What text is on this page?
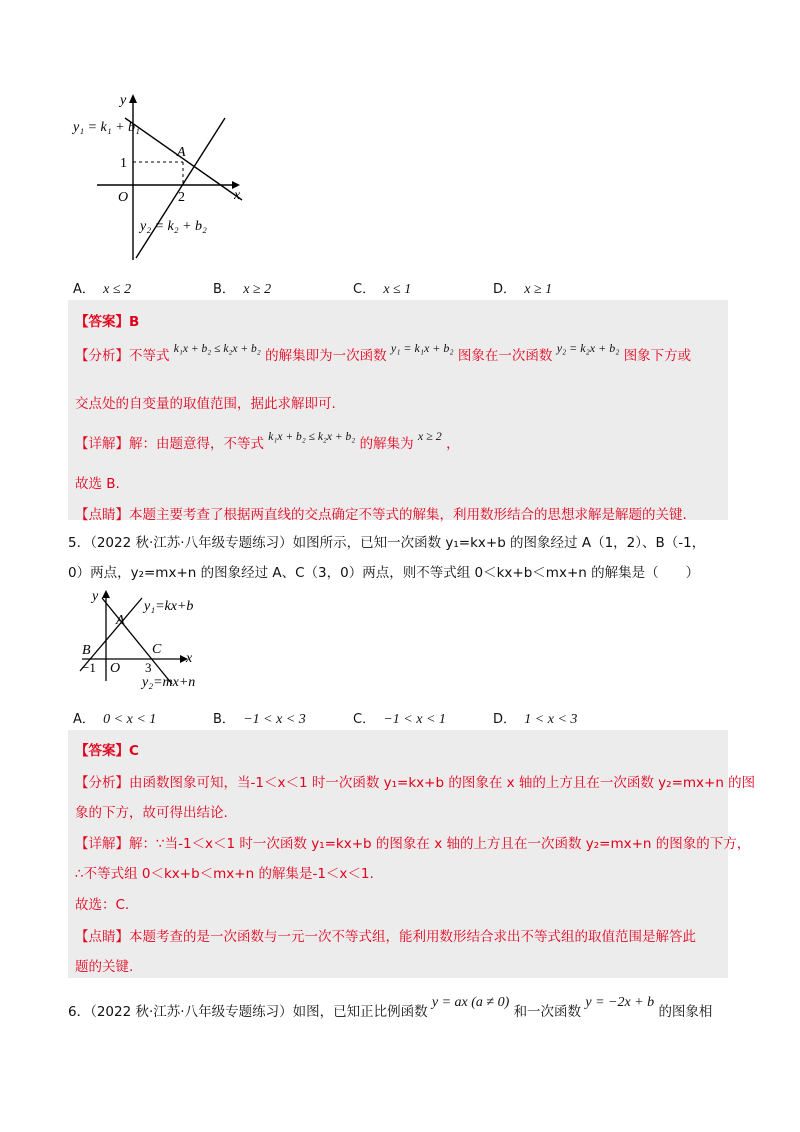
y
x
O
y₁ = k₁ + b₁
y₂ = k₂ + b₂
A
1
2
A． x ≤ 2	B． x ≥ 2	C． x ≤ 1	D． x ≥ 1
【答案】B
【分析】不等式 k₁x + b₂ ≤ k₂x + b₂ 的解集即为一次函数 y₁ = k₁x + b₂ 图象在一次函数 y₂ = k₂x + b₂ 图象下方或
交点处的自变量的取值范围，据此求解即可.
【详解】解：由题意得，不等式 k₁x + b₂ ≤ k₂x + b₂ 的解集为 x ≥ 2 ，
故选 B.
【点睛】本题主要考查了根据两直线的交点确定不等式的解集，利用数形结合的思想求解是解题的关键.
5．（2022 秋·江苏·八年级专题练习）如图所示，已知一次函数 y₁=kx+b 的图象经过 A（1，2）、B（-1，
0）两点，y₂=mx+n 的图象经过 A、C（3，0）两点，则不等式组 0＜kx+b＜mx+n 的解集是（　　）
y
x
O
y₁=kx+b
y₂=mx+n
A
B	C
−1	3
A． 0 < x < 1	B． −1 < x < 3	C． −1 < x < 1	D． 1 < x < 3
【答案】C
【分析】由函数图象可知，当-1＜x＜1 时一次函数 y₁=kx+b 的图象在 x 轴的上方且在一次函数 y₂=mx+n 的图
象的下方，故可得出结论.
【详解】解：∵当-1＜x＜1 时一次函数 y₁=kx+b 的图象在 x 轴的上方且在一次函数 y₂=mx+n 的图象的下方，
∴不等式组 0＜kx+b＜mx+n 的解集是-1＜x＜1.
故选：C.
【点睛】本题考查的是一次函数与一元一次不等式组，能利用数形结合求出不等式组的取值范围是解答此
题的关键.
6．（2022 秋·江苏·八年级专题练习）如图，已知正比例函数 y = ax (a ≠ 0) 和一次函数 y = −2x + b 的图象相
